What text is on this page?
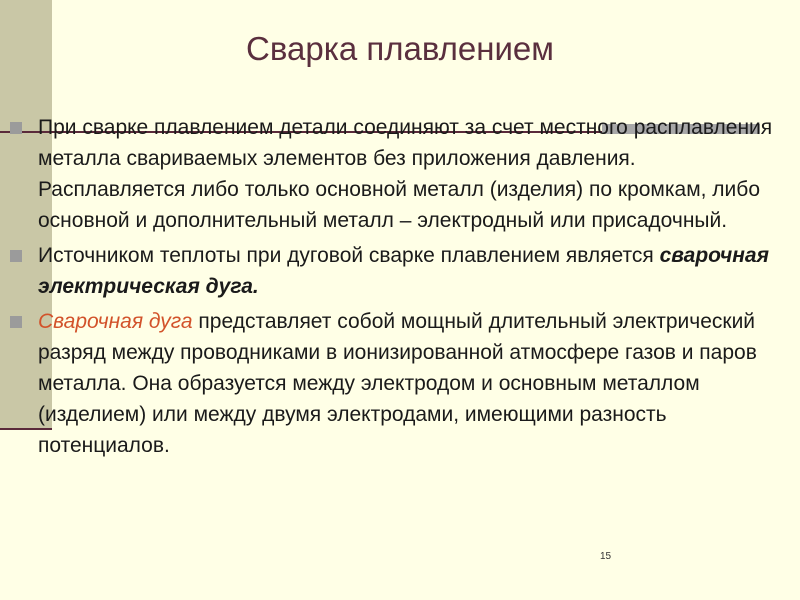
Сварка плавлением
При сварке плавлением детали соединяют за счет местного расплавления металла свариваемых элементов без приложения давления. Расплавляется либо только основной металл (изделия) по кромкам, либо основной и дополнительный металл – электродный или присадочный.
Источником теплоты при дуговой сварке плавлением является сварочная электрическая дуга.
Сварочная дуга представляет собой мощный длительный электрический разряд между проводниками в ионизированной атмосфере газов и паров металла. Она образуется между электродом и основным металлом (изделием) или между двумя электродами, имеющими разность потенциалов.
15
